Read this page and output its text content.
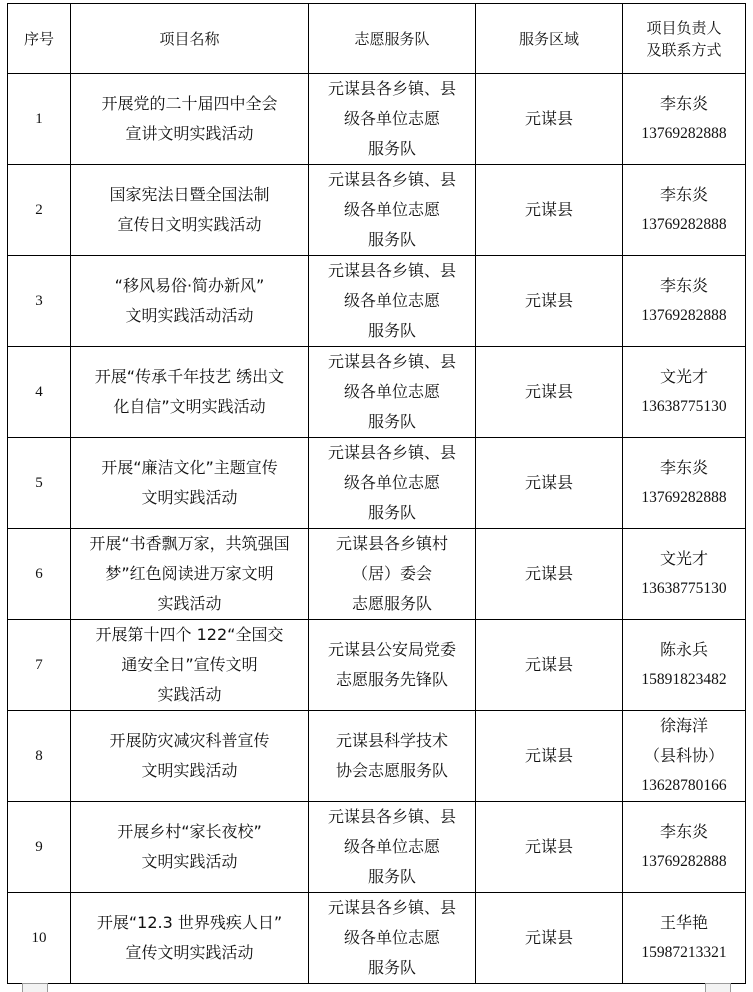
序号	项目名称	志愿服务队	服务区域	项目负责人
及联系方式

1	开展党的二十届四中全会
宣讲文明实践活动	元谋县各乡镇、县
级各单位志愿
服务队	元谋县	李东炎
13769282888

2	国家宪法日暨全国法制
宣传日文明实践活动	元谋县各乡镇、县
级各单位志愿
服务队	元谋县	李东炎
13769282888

3	“移风易俗·简办新风”
文明实践活动活动	元谋县各乡镇、县
级各单位志愿
服务队	元谋县	李东炎
13769282888

4	开展“传承千年技艺 绣出文
化自信”文明实践活动	元谋县各乡镇、县
级各单位志愿
服务队	元谋县	文光才
13638775130

5	开展“廉洁文化”主题宣传
文明实践活动	元谋县各乡镇、县
级各单位志愿
服务队	元谋县	李东炎
13769282888

6	开展“书香飘万家，共筑强国
梦”红色阅读进万家文明
实践活动	元谋县各乡镇村
（居）委会
志愿服务队	元谋县	文光才
13638775130

7	开展第十四个 122“全国交
通安全日”宣传文明
实践活动	元谋县公安局党委
志愿服务先锋队	元谋县	陈永兵
15891823482

8	开展防灾减灾科普宣传
文明实践活动	元谋县科学技术
协会志愿服务队	元谋县	徐海洋
（县科协）
13628780166

9	开展乡村“家长夜校”
文明实践活动	元谋县各乡镇、县
级各单位志愿
服务队	元谋县	李东炎
13769282888

10	开展“12.3 世界残疾人日”
宣传文明实践活动	元谋县各乡镇、县
级各单位志愿
服务队	元谋县	王华艳
15987213321
